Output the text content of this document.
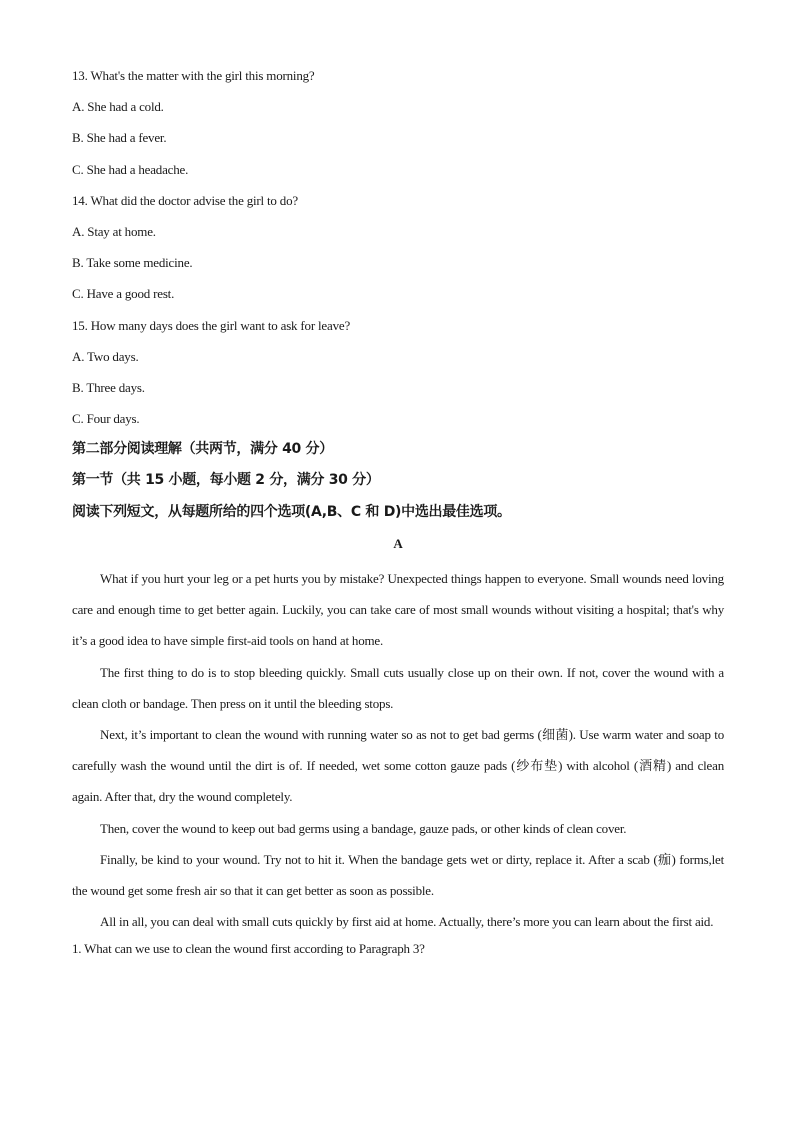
13. What's the matter with the girl this morning?
A. She had a cold.
B. She had a fever.
C. She had a headache.
14. What did the doctor advise the girl to do?
A. Stay at home.
B. Take some medicine.
C. Have a good rest.
15. How many days does the girl want to ask for leave?
A. Two days.
B. Three days.
C. Four days.
第二部分阅读理解（共两节，满分 40 分）
第一节（共 15 小题，每小题 2 分，满分 30 分）
阅读下列短文，从每题所给的四个选项(A,B、C 和 D)中选出最佳选项。
A

What if you hurt your leg or a pet hurts you by mistake? Unexpected things happen to everyone. Small wounds need loving care and enough time to get better again. Luckily, you can take care of most small wounds without visiting a hospital; that's why it’s a good idea to have simple first-aid tools on hand at home.

The first thing to do is to stop bleeding quickly. Small cuts usually close up on their own. If not, cover the wound with a clean cloth or bandage. Then press on it until the bleeding stops.

Next, it’s important to clean the wound with running water so as not to get bad germs (细菌). Use warm water and soap to carefully wash the wound until the dirt is of. If needed, wet some cotton gauze pads (纱布垫) with alcohol (酒精) and clean again. After that, dry the wound completely.

Then, cover the wound to keep out bad germs using a bandage, gauze pads, or other kinds of clean cover.

Finally, be kind to your wound. Try not to hit it. When the bandage gets wet or dirty, replace it. After a scab (痂) forms,let the wound get some fresh air so that it can get better as soon as possible.

All in all, you can deal with small cuts quickly by first aid at home. Actually, there’s more you can learn about the first aid.

1. What can we use to clean the wound first according to Paragraph 3?
